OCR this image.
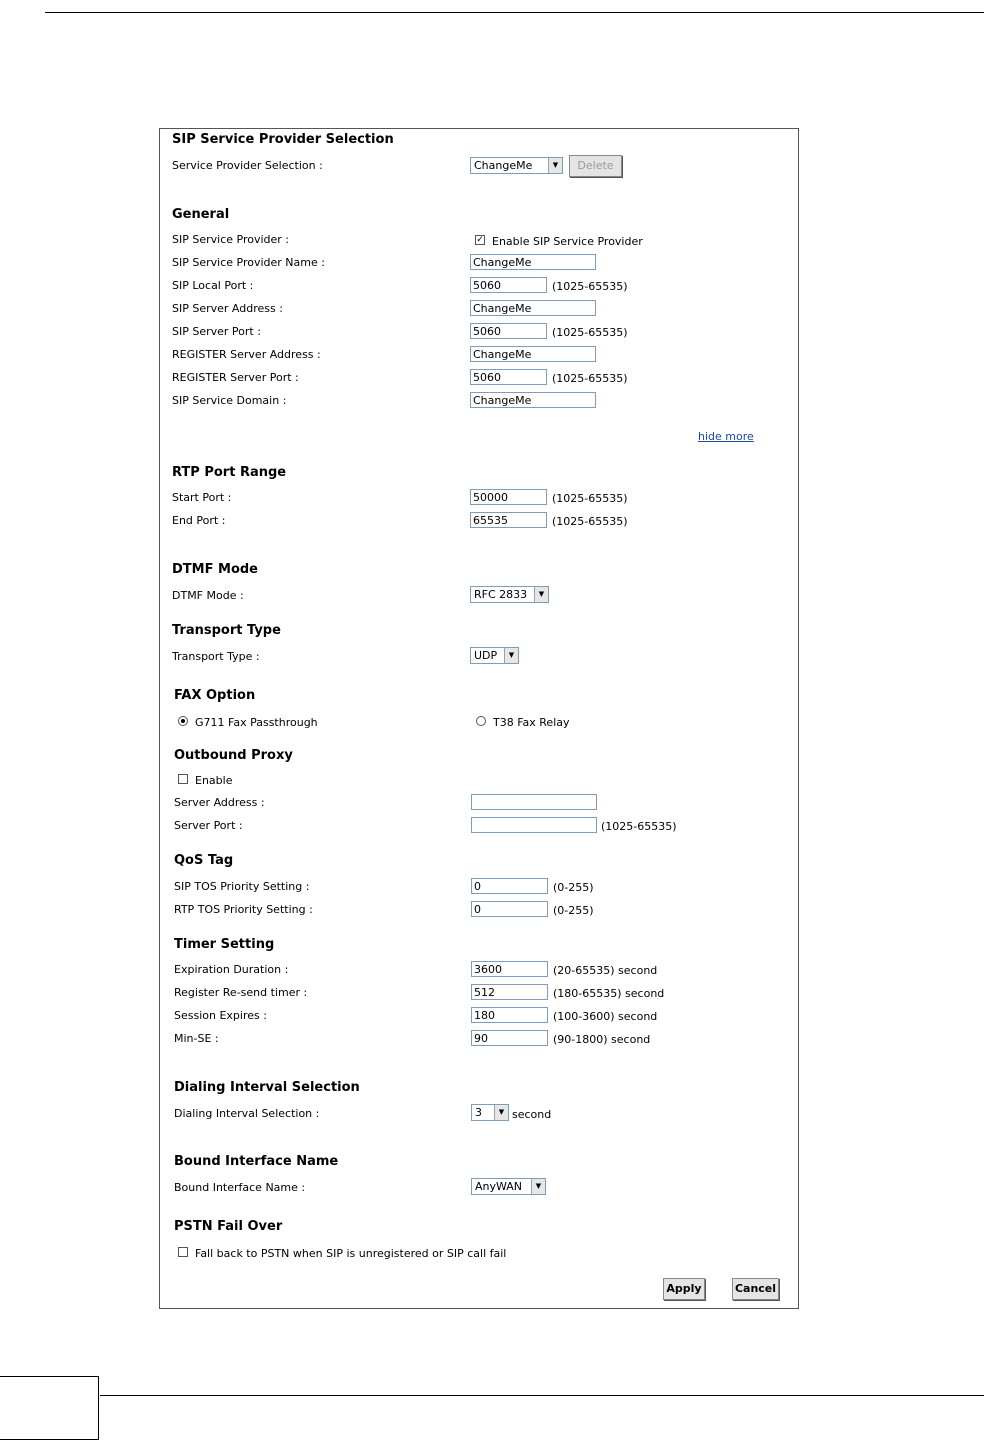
SIP Service Provider Selection
Service Provider Selection :	ChangeMe	▼	Delete
General
SIP Service Provider :	✓ Enable SIP Service Provider
SIP Service Provider Name :
ChangeMe
SIP Local Port :
5060	(1025-65535)
SIP Server Address :
ChangeMe
SIP Server Port :
5060	(1025-65535)
REGISTER Server Address :
ChangeMe
REGISTER Server Port :
5060	(1025-65535)
SIP Service Domain :
ChangeMe
hide more
RTP Port Range
Start Port :
50000	(1025-65535)
End Port :
65535	(1025-65535)
DTMF Mode
DTMF Mode :	RFC 2833	▼
Transport Type
Transport Type :	UDP	▼
FAX Option
G711 Fax Passthrough	T38 Fax Relay
Outbound Proxy
Enable
Server Address :
Server Port :	(1025-65535)
QoS Tag
SIP TOS Priority Setting :
0	(0-255)
RTP TOS Priority Setting :
0	(0-255)
Timer Setting
Expiration Duration :
3600	(20-65535) second
Register Re-send timer :
512	(180-65535) second
Session Expires :
180	(100-3600) second
Min-SE :
90	(90-1800) second
Dialing Interval Selection
Dialing Interval Selection :	3	▼ second
Bound Interface Name
Bound Interface Name :	AnyWAN	▼
PSTN Fail Over
Fall back to PSTN when SIP is unregistered or SIP call fail
Apply	Cancel
